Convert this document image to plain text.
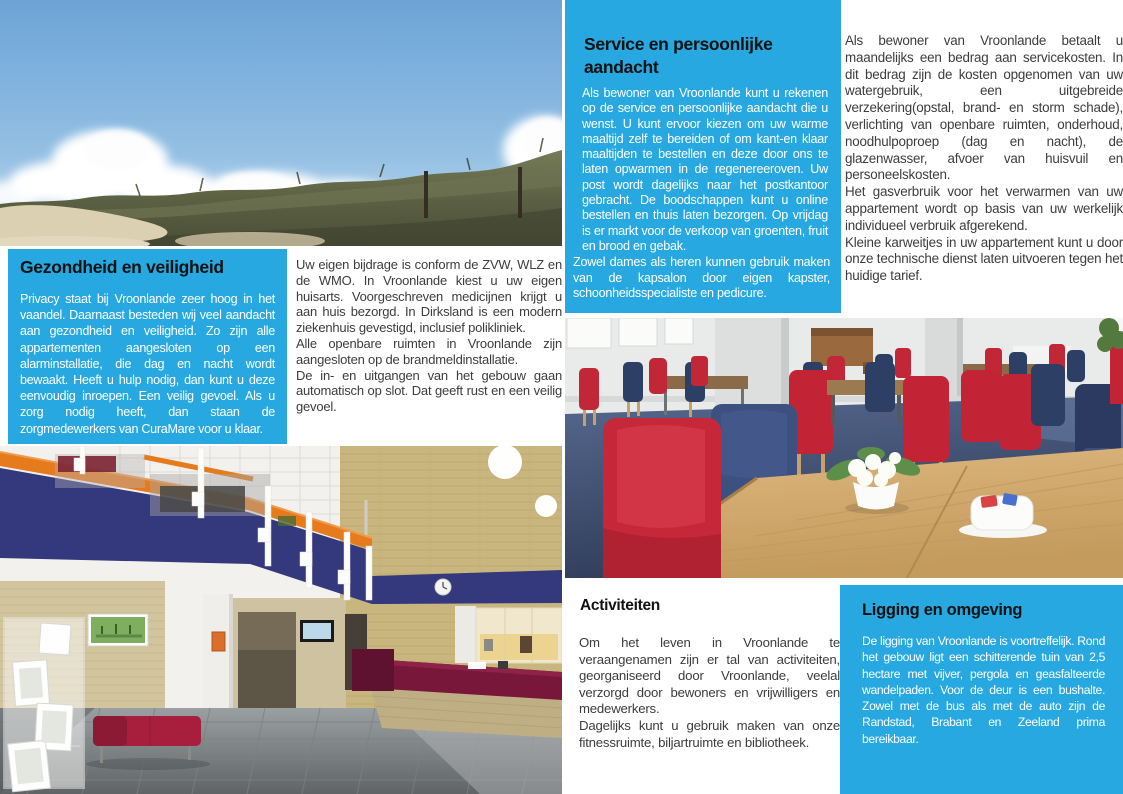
Service en persoonlijke aandacht

Als bewoner van Vroonlande kunt u rekenen op de service en persoonlijke aandacht die u wenst. U kunt ervoor kiezen om uw warme maaltijd zelf te bereiden of om kant-en klaar maaltijden te bestellen en deze door ons te laten opwarmen in de regenereeroven. Uw post wordt dagelijks naar het postkantoor gebracht. De boodschappen kunt u online bestellen en thuis laten bezorgen. Op vrijdag is er markt voor de verkoop van groenten, fruit en brood en gebak.

Zowel dames als heren kunnen gebruik maken van de kapsalon door eigen kapster, schoonheidsspecialiste en pedicure.

Als bewoner van Vroonlande betaalt u maandelijks een bedrag aan servicekosten. In dit bedrag zijn de kosten opgenomen van uw watergebruik, een uitgebreide verzekering(opstal, brand- en storm schade), verlichting van openbare ruimten, onderhoud, noodhulpoproep (dag en nacht), de glazenwasser, afvoer van huisvuil en personeelskosten.

Het gasverbruik voor het verwarmen van uw appartement wordt op basis van uw werkelijk individueel verbruik afgerekend.

Kleine karweitjes in uw appartement kunt u door onze technische dienst laten uitvoeren tegen het huidige tarief.

Gezondheid en veiligheid

Privacy staat bij Vroonlande zeer hoog in het vaandel. Daarnaast besteden wij veel aandacht aan gezondheid en veiligheid. Zo zijn alle appartementen aangesloten op een alarminstallatie, die dag en nacht wordt bewaakt. Heeft u hulp nodig, dan kunt u deze eenvoudig inroepen. Een veilig gevoel. Als u zorg nodig heeft, dan staan de zorgmedewerkers van CuraMare voor u klaar.

Uw eigen bijdrage is conform de ZVW, WLZ en de WMO. In Vroonlande kiest u uw eigen huisarts. Voorgeschreven medicijnen krijgt u aan huis bezorgd. In Dirksland is een modern ziekenhuis gevestigd, inclusief polikliniek.

Alle openbare ruimten in Vroonlande zijn aangesloten op de brandmeldinstallatie.

De in- en uitgangen van het gebouw gaan automatisch op slot. Dat geeft rust en een veilig gevoel.

Activiteiten

Om het leven in Vroonlande te veraangenamen zijn er tal van activiteiten, georganiseerd door Vroonlande, veelal verzorgd door bewoners en vrijwilligers en medewerkers.

Dagelijks kunt u gebruik maken van onze fitnessruimte, biljartruimte en bibliotheek.

Ligging en omgeving

De ligging van Vroonlande is voortreffelijk. Rond het gebouw ligt een schitterende tuin van 2,5 hectare met vijver, pergola en geasfalteerde wandelpaden. Voor de deur is een bushalte. Zowel met de bus als met de auto zijn de Randstad, Brabant en Zeeland prima bereikbaar.
